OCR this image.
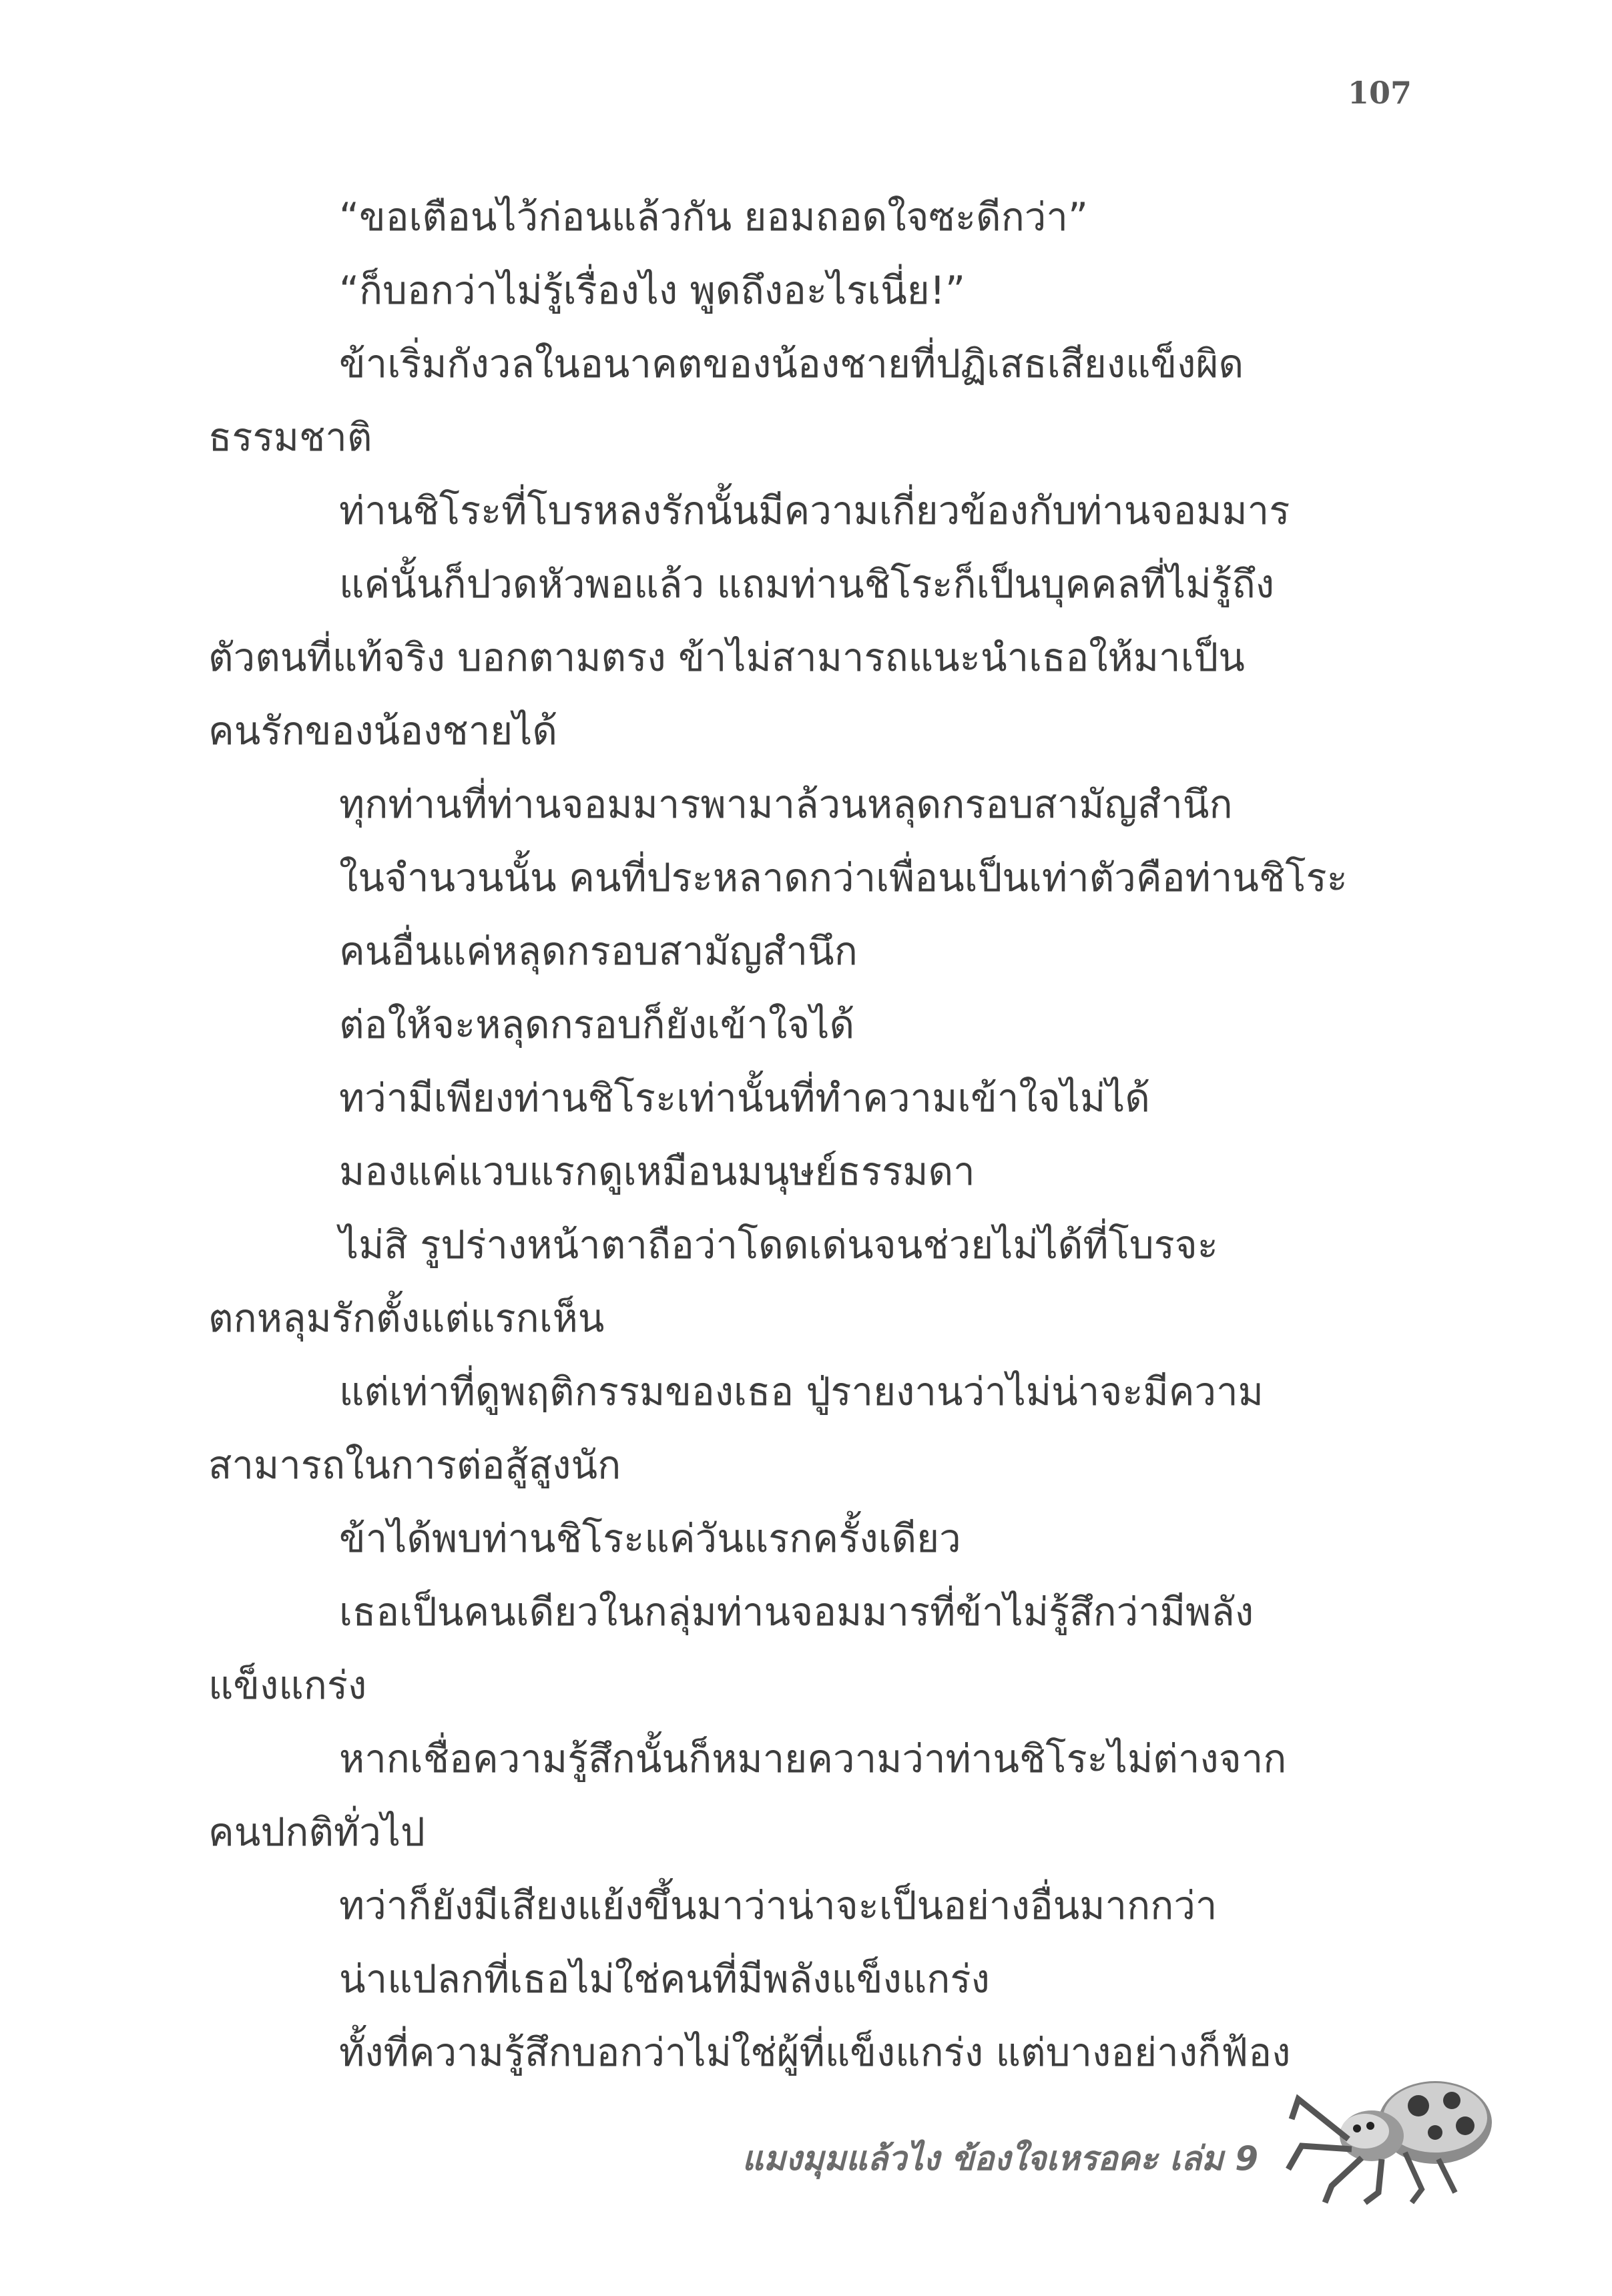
107
“ขอเตือนไว้ก่อนแล้วกัน ยอมถอดใจซะดีกว่า”
“ก็บอกว่าไม่รู้เรื่องไง พูดถึงอะไรเนี่ย!”
ข้าเริ่มกังวลในอนาคตของน้องชายที่ปฏิเสธเสียงแข็งผิด
ธรรมชาติ
ท่านชิโระที่โบรหลงรักนั้นมีความเกี่ยวข้องกับท่านจอมมาร
แค่นั้นก็ปวดหัวพอแล้ว แถมท่านชิโระก็เป็นบุคคลที่ไม่รู้ถึง
ตัวตนที่แท้จริง บอกตามตรง ข้าไม่สามารถแนะนำเธอให้มาเป็น
คนรักของน้องชายได้
ทุกท่านที่ท่านจอมมารพามาล้วนหลุดกรอบสามัญสำนึก
ในจำนวนนั้น คนที่ประหลาดกว่าเพื่อนเป็นเท่าตัวคือท่านชิโระ
คนอื่นแค่หลุดกรอบสามัญสำนึก
ต่อให้จะหลุดกรอบก็ยังเข้าใจได้
ทว่ามีเพียงท่านชิโระเท่านั้นที่ทำความเข้าใจไม่ได้
มองแค่แวบแรกดูเหมือนมนุษย์ธรรมดา
ไม่สิ รูปร่างหน้าตาถือว่าโดดเด่นจนช่วยไม่ได้ที่โบรจะ
ตกหลุมรักตั้งแต่แรกเห็น
แต่เท่าที่ดูพฤติกรรมของเธอ ปู่รายงานว่าไม่น่าจะมีความ
สามารถในการต่อสู้สูงนัก
ข้าได้พบท่านชิโระแค่วันแรกครั้งเดียว
เธอเป็นคนเดียวในกลุ่มท่านจอมมารที่ข้าไม่รู้สึกว่ามีพลัง
แข็งแกร่ง
หากเชื่อความรู้สึกนั้นก็หมายความว่าท่านชิโระไม่ต่างจาก
คนปกติทั่วไป
ทว่าก็ยังมีเสียงแย้งขึ้นมาว่าน่าจะเป็นอย่างอื่นมากกว่า
น่าแปลกที่เธอไม่ใช่คนที่มีพลังแข็งแกร่ง
ทั้งที่ความรู้สึกบอกว่าไม่ใช่ผู้ที่แข็งแกร่ง แต่บางอย่างก็ฟ้อง
แมงมุมแล้วไง ข้องใจเหรอคะ เล่ม 9
